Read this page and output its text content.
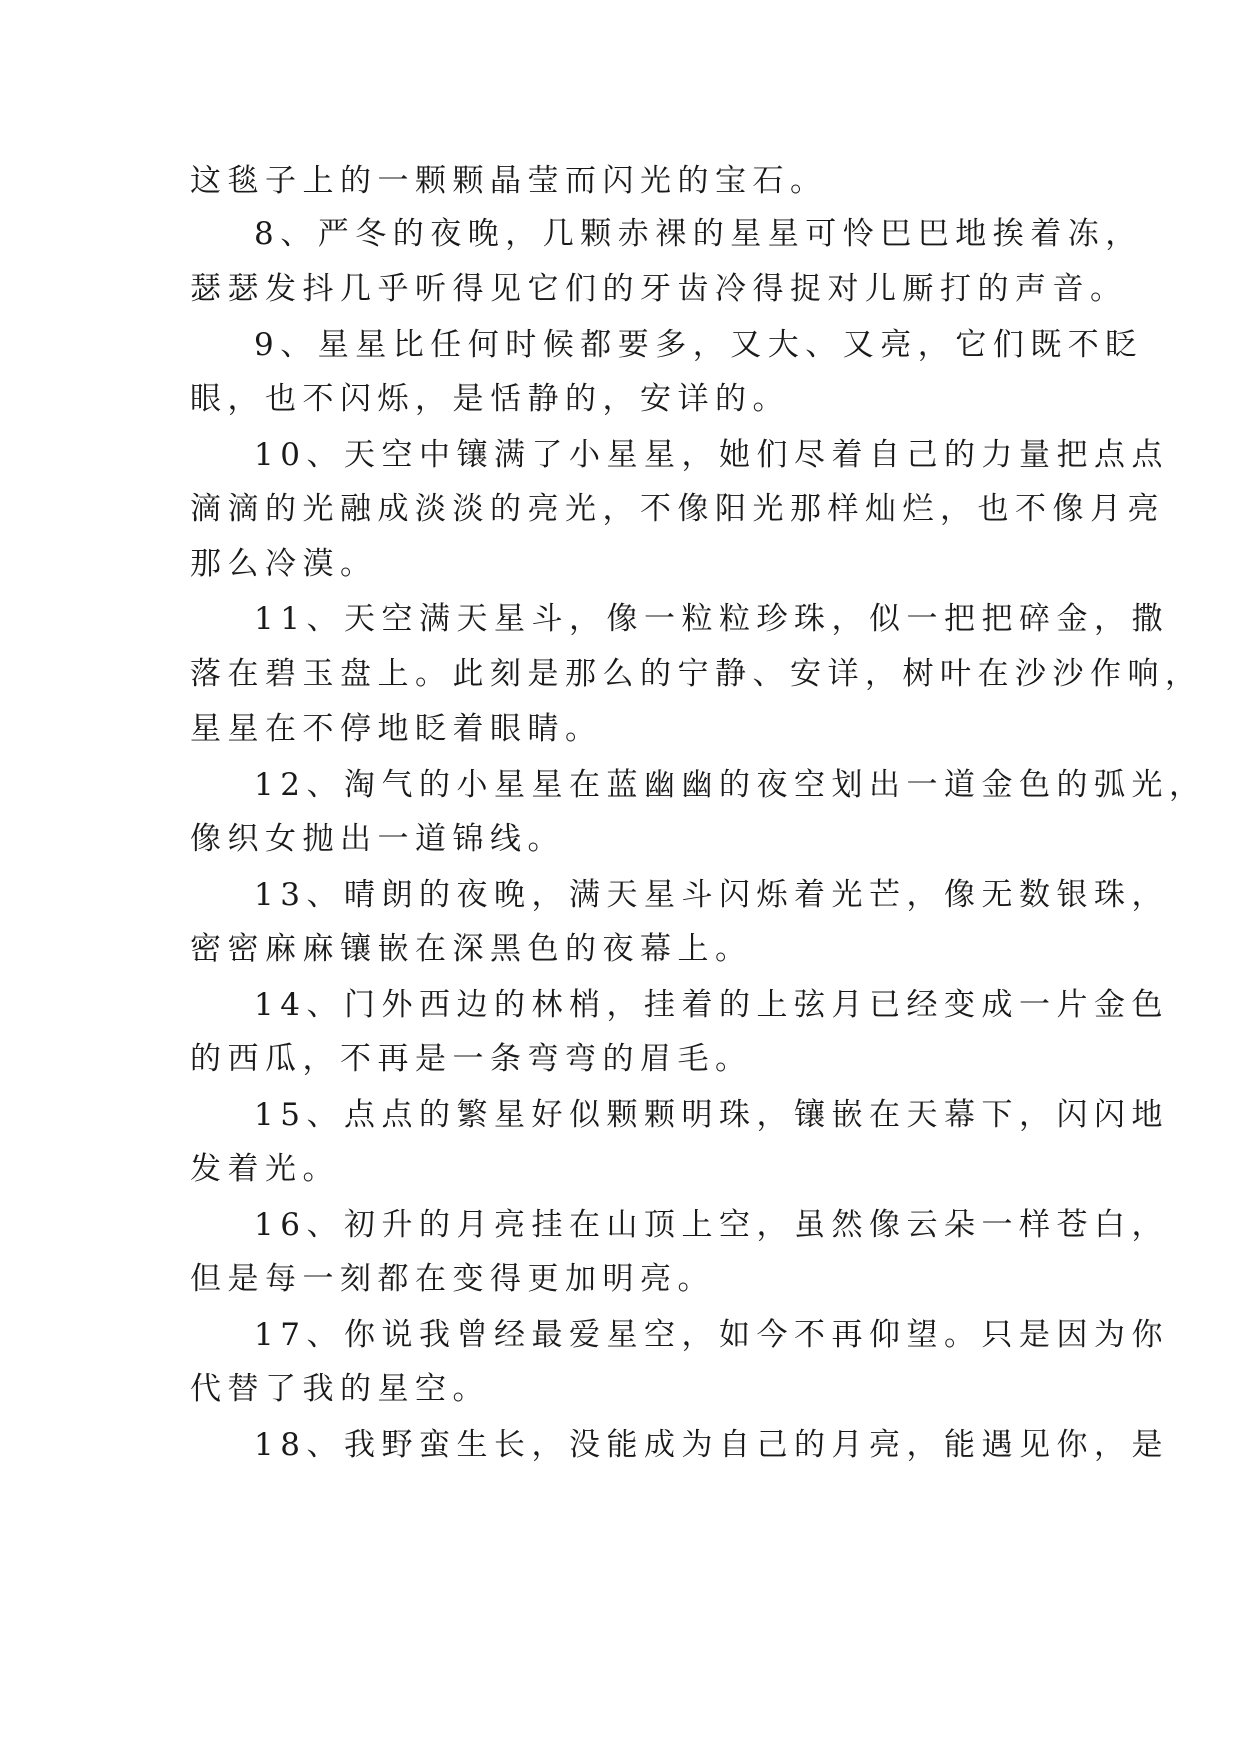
这毯子上的一颗颗晶莹而闪光的宝石。
8、严冬的夜晚，几颗赤裸的星星可怜巴巴地挨着冻，
瑟瑟发抖几乎听得见它们的牙齿冷得捉对儿厮打的声音。
9、星星比任何时候都要多，又大、又亮，它们既不眨
眼，也不闪烁，是恬静的，安详的。
10、天空中镶满了小星星，她们尽着自己的力量把点点
滴滴的光融成淡淡的亮光，不像阳光那样灿烂，也不像月亮
那么冷漠。
11、天空满天星斗，像一粒粒珍珠，似一把把碎金，撒
落在碧玉盘上。此刻是那么的宁静、安详，树叶在沙沙作响，
星星在不停地眨着眼睛。
12、淘气的小星星在蓝幽幽的夜空划出一道金色的弧光，
像织女抛出一道锦线。
13、晴朗的夜晚，满天星斗闪烁着光芒，像无数银珠，
密密麻麻镶嵌在深黑色的夜幕上。
14、门外西边的林梢，挂着的上弦月已经变成一片金色
的西瓜，不再是一条弯弯的眉毛。
15、点点的繁星好似颗颗明珠，镶嵌在天幕下，闪闪地
发着光。
16、初升的月亮挂在山顶上空，虽然像云朵一样苍白，
但是每一刻都在变得更加明亮。
17、你说我曾经最爱星空，如今不再仰望。只是因为你
代替了我的星空。
18、我野蛮生长，没能成为自己的月亮，能遇见你，是
